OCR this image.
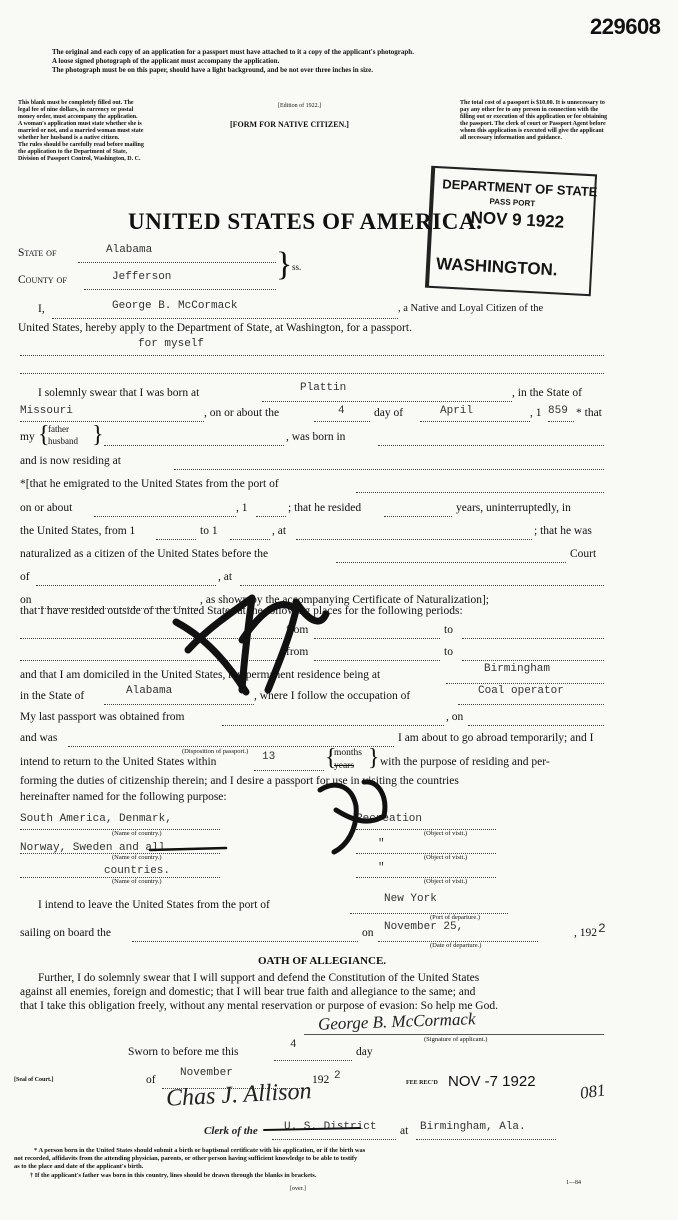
229608
The original and each copy of an application for a passport must have attached to it a copy of the applicant's photograph.
A loose signed photograph of the applicant must accompany the application.
The photograph must be on this paper, should have a light background, and be not over three inches in size.
This blank must be completely filled out. The legal fee of nine dollars, in currency or postal money order, must accompany the application.
A woman's application must state whether she is married or not, and a married woman must state whether her husband is a native citizen.
The rules should be carefully read before mailing the application to the Department of State, Division of Passport Control, Washington, D. C.
[Edition of 1922.]
[FORM FOR NATIVE CITIZEN.]
The total cost of a passport is $10.00. It is unnecessary to pay any other fee to any person in connection with the filling out or execution of this application or for obtaining the passport. The clerk of court or Passport Agent before whom this application is executed will give the applicant all necessary information and guidance.
DEPARTMENT OF STATE
PASS PORT
NOV 9 1922
WASHINGTON.
UNITED STATES OF AMERICA.
State of	Alabama
County of	Jefferson	} ss.
I,	George B. McCormack	, a Native and Loyal Citizen of the
United States, hereby apply to the Department of State, at Washington, for a passport.
for myself
I solemnly swear that I was born at	Plattin	, in the State of
Missouri	, on or about the	4	day of	April	, 1 859 * that
my {
father
husband }	, was born in
and is now residing at
*[that he emigrated to the United States from the port of
on or about	, 1	; that he resided	years, uninterruptedly, in
the United States, from 1	to 1	, at	; that he was
naturalized as a citizen of the United States before the	Court
of	, at
on	, as shown by the accompanying Certificate of Naturalization];
that I have resided outside of the United States at the following places for the following periods:
from	to
from	to
and that I am domiciled in the United States, my permanent residence being at	Birmingham
in the State of	Alabama	, where I follow the occupation of	Coal operator
My last passport was obtained from	, on
and was	I am about to go abroad temporarily; and I
(Disposition of passport.)
intend to return to the United States within	13 {
months
years } with the purpose of residing and per-
forming the duties of citizenship therein; and I desire a passport for use in visiting the countries
hereinafter named for the following purpose:
South America, Denmark,
(Name of country.)
Recreation
(Object of visit.)
Norway, Sweden and all
(Name of country.)
"
(Object of visit.)
countries.
(Name of country.)
"
(Object of visit.)
I intend to leave the United States from the port of	New York
(Port of departure.)
sailing on board the	on November 25,	, 192 2
(Date of departure.)
OATH OF ALLEGIANCE.
Further, I do solemnly swear that I will support and defend the Constitution of the United States
against all enemies, foreign and domestic; that I will bear true faith and allegiance to the same; and
that I take this obligation freely, without any mental reservation or purpose of evasion: So help me God.
George B. McCormack
(Signature of applicant.)
Sworn to before me this
4
day
[Seal of Court.]	of
November
192 2
FEE REC'D NOV -7 1922	081
Chas J. Allison
Clerk of the U. S. District at Birmingham, Ala.
* A person born in the United States should submit a birth or baptismal certificate with his application, or if the birth was
not recorded, affidavits from the attending physician, parents, or other person having sufficient knowledge to be able to testify
as to the place and date of the applicant's birth.
† If the applicant's father was born in this country, lines should be drawn through the blanks in brackets.
1—84
[over.]
